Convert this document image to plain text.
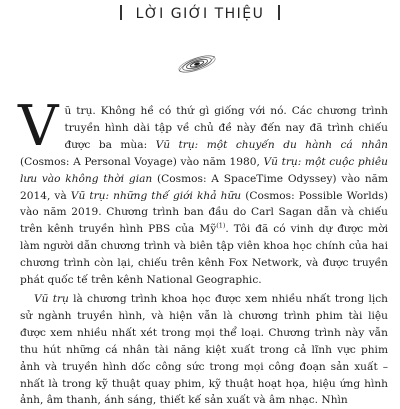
LỜI GIỚI THIỆU

Vũ trụ. Không hề có thứ gì giống với nó. Các chương trình truyền hình dài tập về chủ đề này đến nay đã trình chiếu được ba mùa: Vũ trụ: một chuyến du hành cá nhân (Cosmos: A Personal Voyage) vào năm 1980, Vũ trụ: một cuộc phiêu lưu vào không thời gian (Cosmos: A SpaceTime Odyssey) vào năm 2014, và Vũ trụ: những thế giới khả hữu (Cosmos: Possible Worlds) vào năm 2019. Chương trình ban đầu do Carl Sagan dẫn và chiếu trên kênh truyền hình PBS của Mỹ$^{(1)}$. Tôi đã có vinh dự được mời làm người dẫn chương trình và biên tập viên khoa học chính của hai chương trình còn lại, chiếu trên kênh Fox Network, và được truyền phát quốc tế trên kênh National Geographic.

Vũ trụ là chương trình khoa học được xem nhiều nhất trong lịch sử ngành truyền hình, và hiện vẫn là chương trình phim tài liệu được xem nhiều nhất xét trong mọi thể loại. Chương trình này vẫn thu hút những cá nhân tài năng kiệt xuất trong cả lĩnh vực phim ảnh và truyền hình dốc công sức trong mọi công đoạn sản xuất – nhất là trong kỹ thuật quay phim, kỹ thuật hoạt họa, hiệu ứng hình ảnh, âm thanh, ánh sáng, thiết kế sản xuất và âm nhạc. Nhìn
